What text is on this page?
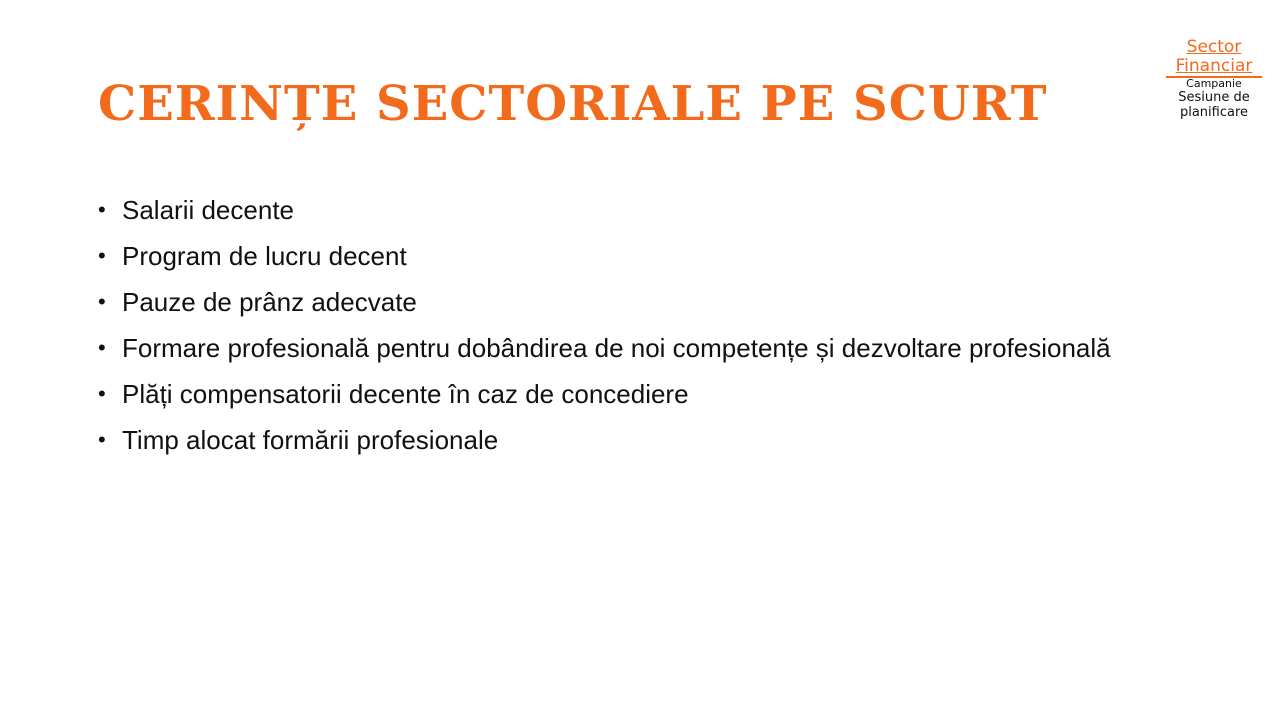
CERINȚE SECTORIALE PE SCURT
Sector
Financiar
Campanie
Sesiune de
planificare
• Salarii decente
• Program de lucru decent
• Pauze de prânz adecvate
• Formare profesională pentru dobândirea de noi competențe și dezvoltare profesională
• Plăți compensatorii decente în caz de concediere
• Timp alocat formării profesionale
